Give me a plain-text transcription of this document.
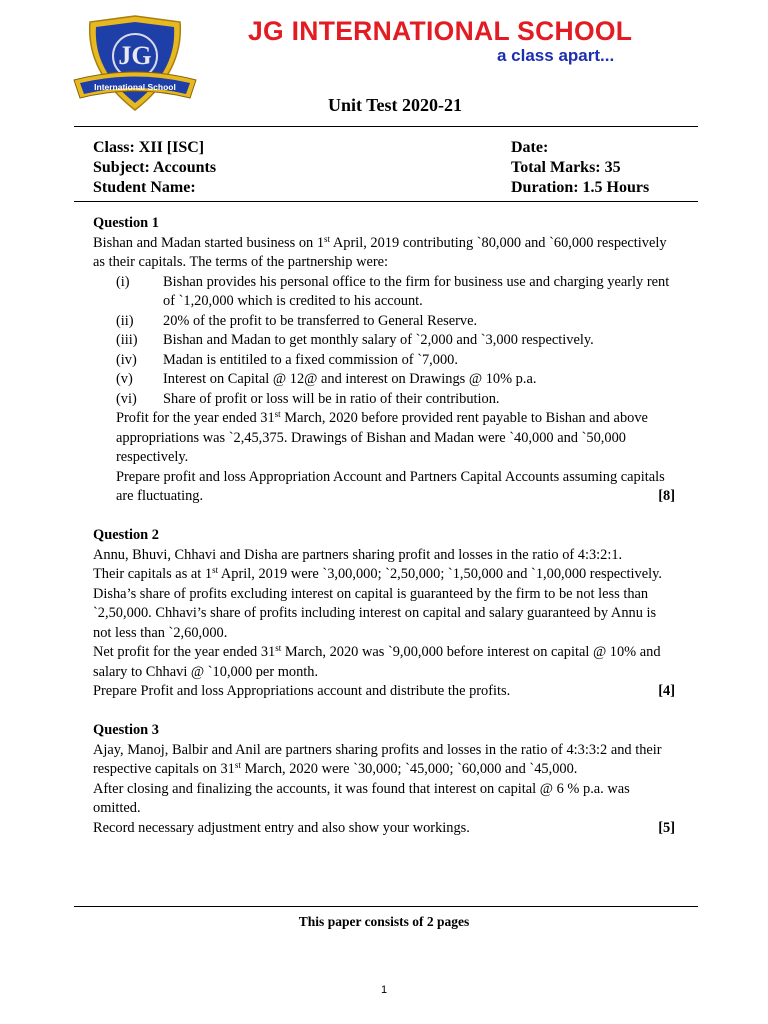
JG
International School
JG INTERNATIONAL SCHOOL
a class apart...
Unit Test 2020-21
Class: XII [ISC]
Subject: Accounts
Student Name:
Date:
Total Marks: 35
Duration: 1.5 Hours
Question 1
Bishan and Madan started business on 1st April, 2019 contributing `80,000 and `60,000 respectively as their capitals. The terms of the partnership were:
(i)	Bishan provides his personal office to the firm for business use and charging yearly rent of `1,20,000 which is credited to his account.
(ii)	20% of the profit to be transferred to General Reserve.
(iii)	Bishan and Madan to get monthly salary of `2,000 and `3,000 respectively.
(iv)	Madan is entitiled to a fixed commission of `7,000.
(v)	Interest on Capital @ 12@ and interest on Drawings @ 10% p.a.
(vi)	Share of profit or loss will be in ratio of their contribution.
Profit for the year ended 31st March, 2020 before provided rent payable to Bishan and above appropriations was `2,45,375. Drawings of Bishan and Madan were `40,000 and `50,000 respectively.
Prepare profit and loss Appropriation Account and Partners Capital Accounts assuming capitals are fluctuating.	[8]
Question 2
Annu, Bhuvi, Chhavi and Disha are partners sharing profit and losses in the ratio of 4:3:2:1.
Their capitals as at 1st April, 2019 were `3,00,000; `2,50,000; `1,50,000 and `1,00,000 respectively.
Disha’s share of profits excluding interest on capital is guaranteed by the firm to be not less than `2,50,000. Chhavi’s share of profits including interest on capital and salary guaranteed by Annu is not less than `2,60,000.
Net profit for the year ended 31st March, 2020 was `9,00,000 before interest on capital @ 10% and salary to Chhavi @ `10,000 per month.
Prepare Profit and loss Appropriations account and distribute the profits.	[4]
Question 3
Ajay, Manoj, Balbir and Anil are partners sharing profits and losses in the ratio of 4:3:3:2 and their respective capitals on 31st March, 2020 were `30,000; `45,000; `60,000 and `45,000.
After closing and finalizing the accounts, it was found that interest on capital @ 6 % p.a. was omitted.
Record necessary adjustment entry and also show your workings.	[5]
This paper consists of 2 pages
1
